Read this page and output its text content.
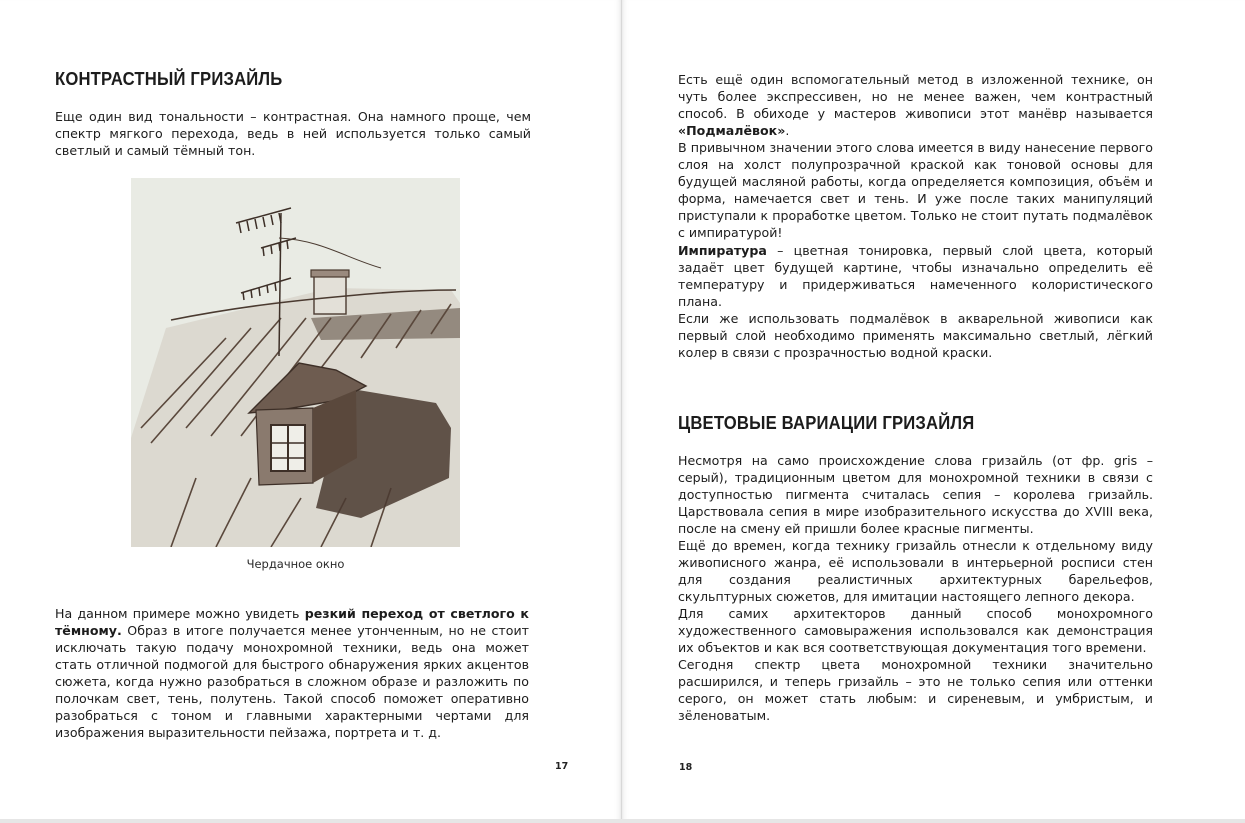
КОНТРАСТНЫЙ ГРИЗАЙЛЬ
Еще один вид тональности – контрастная. Она намного проще, чем спектр мягкого перехода, ведь в ней используется только самый светлый и самый тёмный тон.
Чердачное окно
На данном примере можно увидеть резкий переход от светлого к тёмному. Образ в итоге получается менее утонченным, но не стоит исключать такую подачу монохромной техники, ведь она может стать отличной подмогой для быстрого обнаружения ярких акцентов сюжета, когда нужно разобраться в сложном образе и разложить по полочкам свет, тень, полутень. Такой способ поможет оперативно разобраться с тоном и главными характерными чертами для изображения выразительности пейзажа, портрета и т. д.
17

Есть ещё один вспомогательный метод в изложенной технике, он чуть более экспрессивен, но не менее важен, чем контрастный способ. В обиходе у мастеров живописи этот манёвр называется «Подмалёвок».

В привычном значении этого слова имеется в виду нанесение первого слоя на холст полупрозрачной краской как тоновой основы для будущей масляной работы, когда определяется композиция, объём и форма, намечается свет и тень. И уже после таких манипуляций приступали к проработке цветом. Только не стоит путать подмалёвок с импиратурой!

Импиратура – цветная тонировка, первый слой цвета, который задаёт цвет будущей картине, чтобы изначально определить её температуру и придерживаться намеченного колористического плана.

Если же использовать подмалёвок в акварельной живописи как первый слой необходимо применять максимально светлый, лёгкий колер в связи с прозрачностью водной краски.

ЦВЕТОВЫЕ ВАРИАЦИИ ГРИЗАЙЛЯ

Несмотря на само происхождение слова гризайль (от фр. gris – серый), традиционным цветом для монохромной техники в связи с доступностью пигмента считалась сепия – королева гризайль. Царствовала сепия в мире изобразительного искусства до XVIII века, после на смену ей пришли более красные пигменты.

Ещё до времен, когда технику гризайль отнесли к отдельному виду живописного жанра, её использовали в интерьерной росписи стен для создания реалистичных архитектурных барельефов, скульптурных сюжетов, для имитации настоящего лепного декора.

Для самих архитекторов данный способ монохромного художественного самовыражения использовался как демонстрация их объектов и как вся соответствующая документация того времени.

Сегодня спектр цвета монохромной техники значительно расширился, и теперь гризайль – это не только сепия или оттенки серого, он может стать любым: и сиреневым, и умбристым, и зёленоватым.

18
